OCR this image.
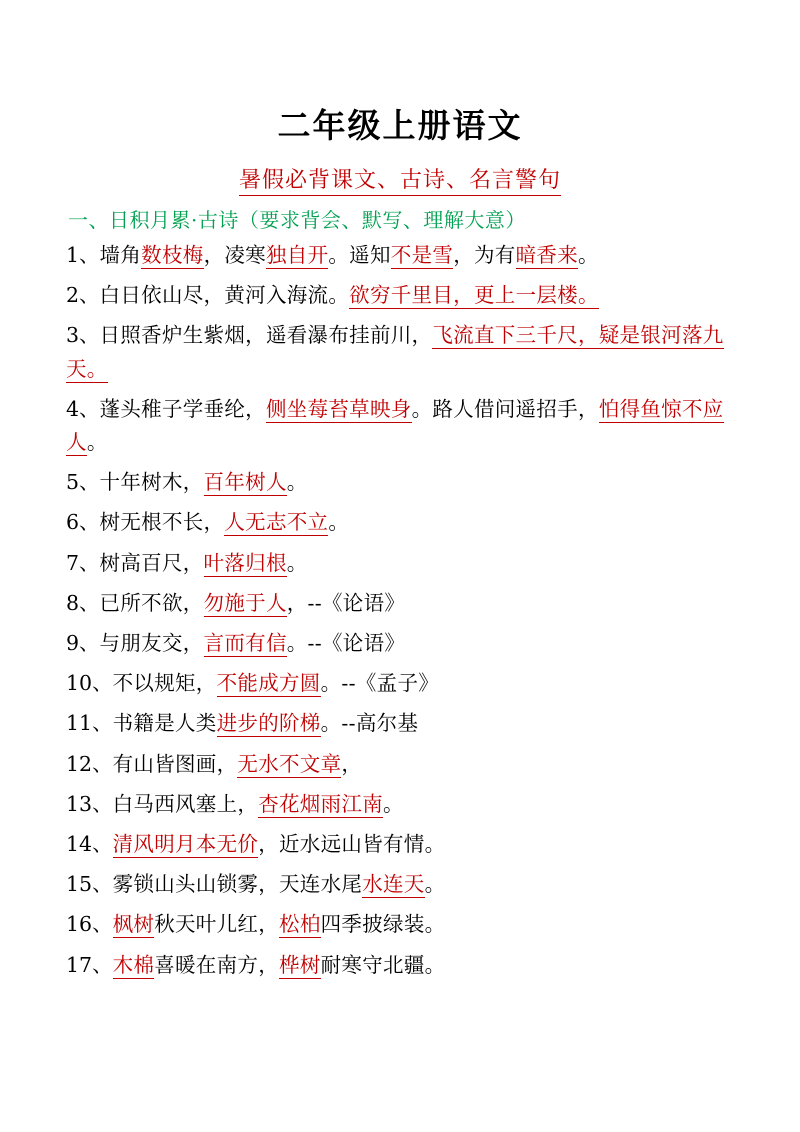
二年级上册语文
暑假必背课文、古诗、名言警句
一、日积月累·古诗（要求背会、默写、理解大意）
1、墙角数枝梅，凌寒独自开。遥知不是雪，为有暗香来。
2、白日依山尽，黄河入海流。欲穷千里目，更上一层楼。
3、日照香炉生紫烟，遥看瀑布挂前川，飞流直下三千尺，疑是银河落九天。
4、蓬头稚子学垂纶，侧坐莓苔草映身。路人借问遥招手，怕得鱼惊不应人。
5、十年树木，百年树人。
6、树无根不长，人无志不立。
7、树高百尺，叶落归根。
8、已所不欲，勿施于人，--《论语》
9、与朋友交，言而有信。--《论语》
10、不以规矩，不能成方圆。--《孟子》
11、书籍是人类进步的阶梯。--高尔基
12、有山皆图画，无水不文章，
13、白马西风塞上，杏花烟雨江南。
14、清风明月本无价，近水远山皆有情。
15、雾锁山头山锁雾，天连水尾水连天。
16、枫树秋天叶儿红，松柏四季披绿装。
17、木棉喜暖在南方，桦树耐寒守北疆。
